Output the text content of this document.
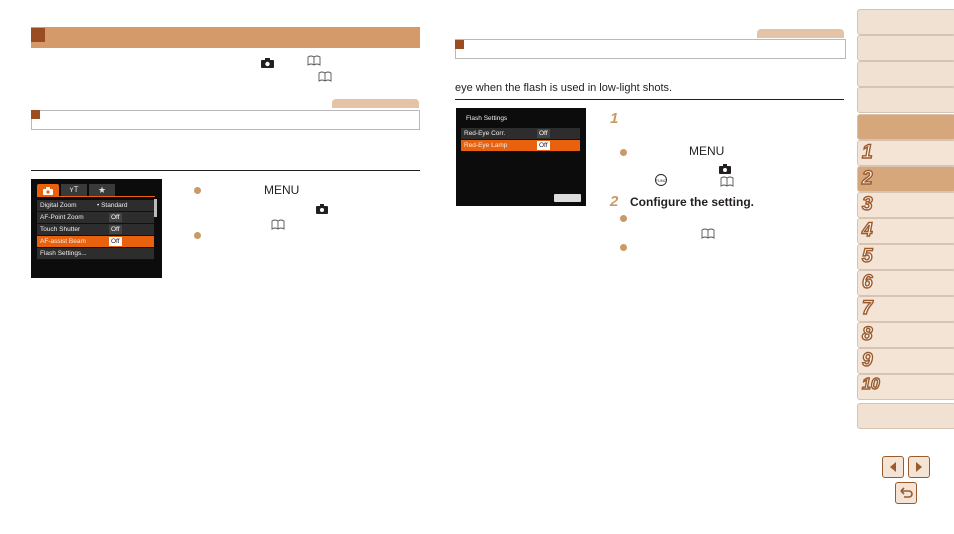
ʏT	★
Digital Zoom	• Standard
AF-Point Zoom	Off
Touch Shutter	Off
AF-assist Beam	Off
Flash Settings...
MENU
eye when the flash is used in low-light shots.
Flash Settings
Red-Eye Corr.	Off
Red-Eye Lamp	Off
1
MENU
FUNC
2 Configure the setting.
1
2
3
4
5
6
7
8
9
10
